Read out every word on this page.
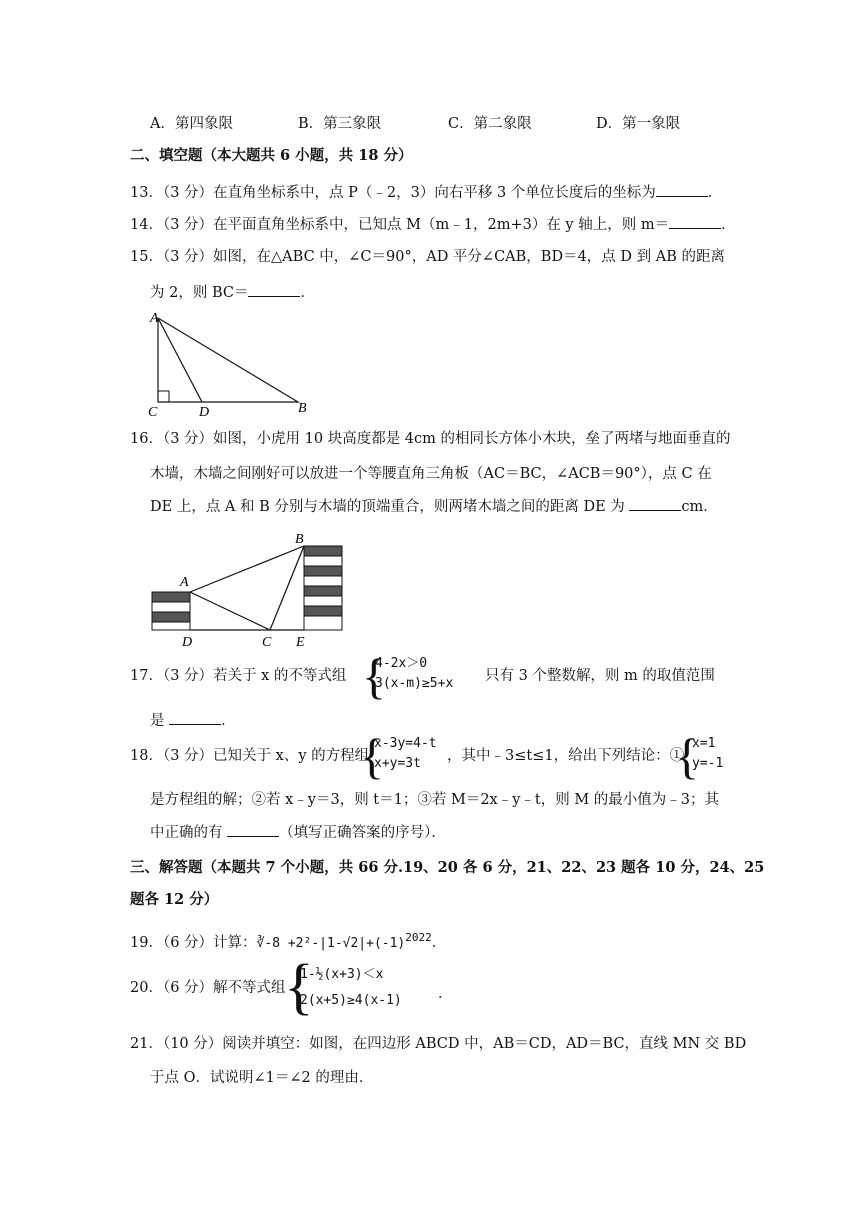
A．第四象限	B．第三象限	C．第二象限	D．第一象限
二、填空题（本大题共 6 小题，共 18 分）
13．（3 分）在直角坐标系中，点 P（﹣2，3）向右平移 3 个单位长度后的坐标为	．
14．（3 分）在平面直角坐标系中，已知点 M（m﹣1，2m+3）在 y 轴上，则 m＝	．
15．（3 分）如图，在△ABC 中，∠C＝90°，AD 平分∠CAB，BD＝4，点 D 到 AB 的距离
为 2，则 BC＝	．
A
C	D	B
16．（3 分）如图，小虎用 10 块高度都是 4cm 的相同长方体小木块，垒了两堵与地面垂直的
木墙，木墙之间刚好可以放进一个等腰直角三角板（AC＝BC，∠ACB＝90°），点 C 在
DE 上，点 A 和 B 分别与木墙的顶端重合，则两堵木墙之间的距离 DE 为	cm．
A
B
D	C E
17．（3 分）若关于 x 的不等式组 {
4-2x＞0
3(x-m)≥5+x 只有 3 个整数解，则 m 的取值范围
是	．
18．（3 分）已知关于 x、y 的方程组
{
x-3y=4-t
x+y=3t	，其中﹣3≤t≤1，给出下列结论：①
{
x=1
y=-1
是方程组的解；②若 x﹣y＝3，则 t＝1；③若 M＝2x﹣y﹣t，则 M 的最小值为﹣3；其
中正确的有	（填写正确答案的序号）．
三、解答题（本题共 7 个小题，共 66 分.19、20 各 6 分，21、22、23 题各 10 分，24、25
题各 12 分）
19．（6 分）计算：∛-8 $+2^2-|1-√2|+(-1)^{2022}$．
20．（6 分）解不等式组
{
1-½(x+3)＜x
2(x+5)≥4(x-1)	．
21．（10 分）阅读并填空：如图，在四边形 ABCD 中，AB＝CD，AD＝BC，直线 MN 交 BD
于点 O．试说明∠1＝∠2 的理由．
